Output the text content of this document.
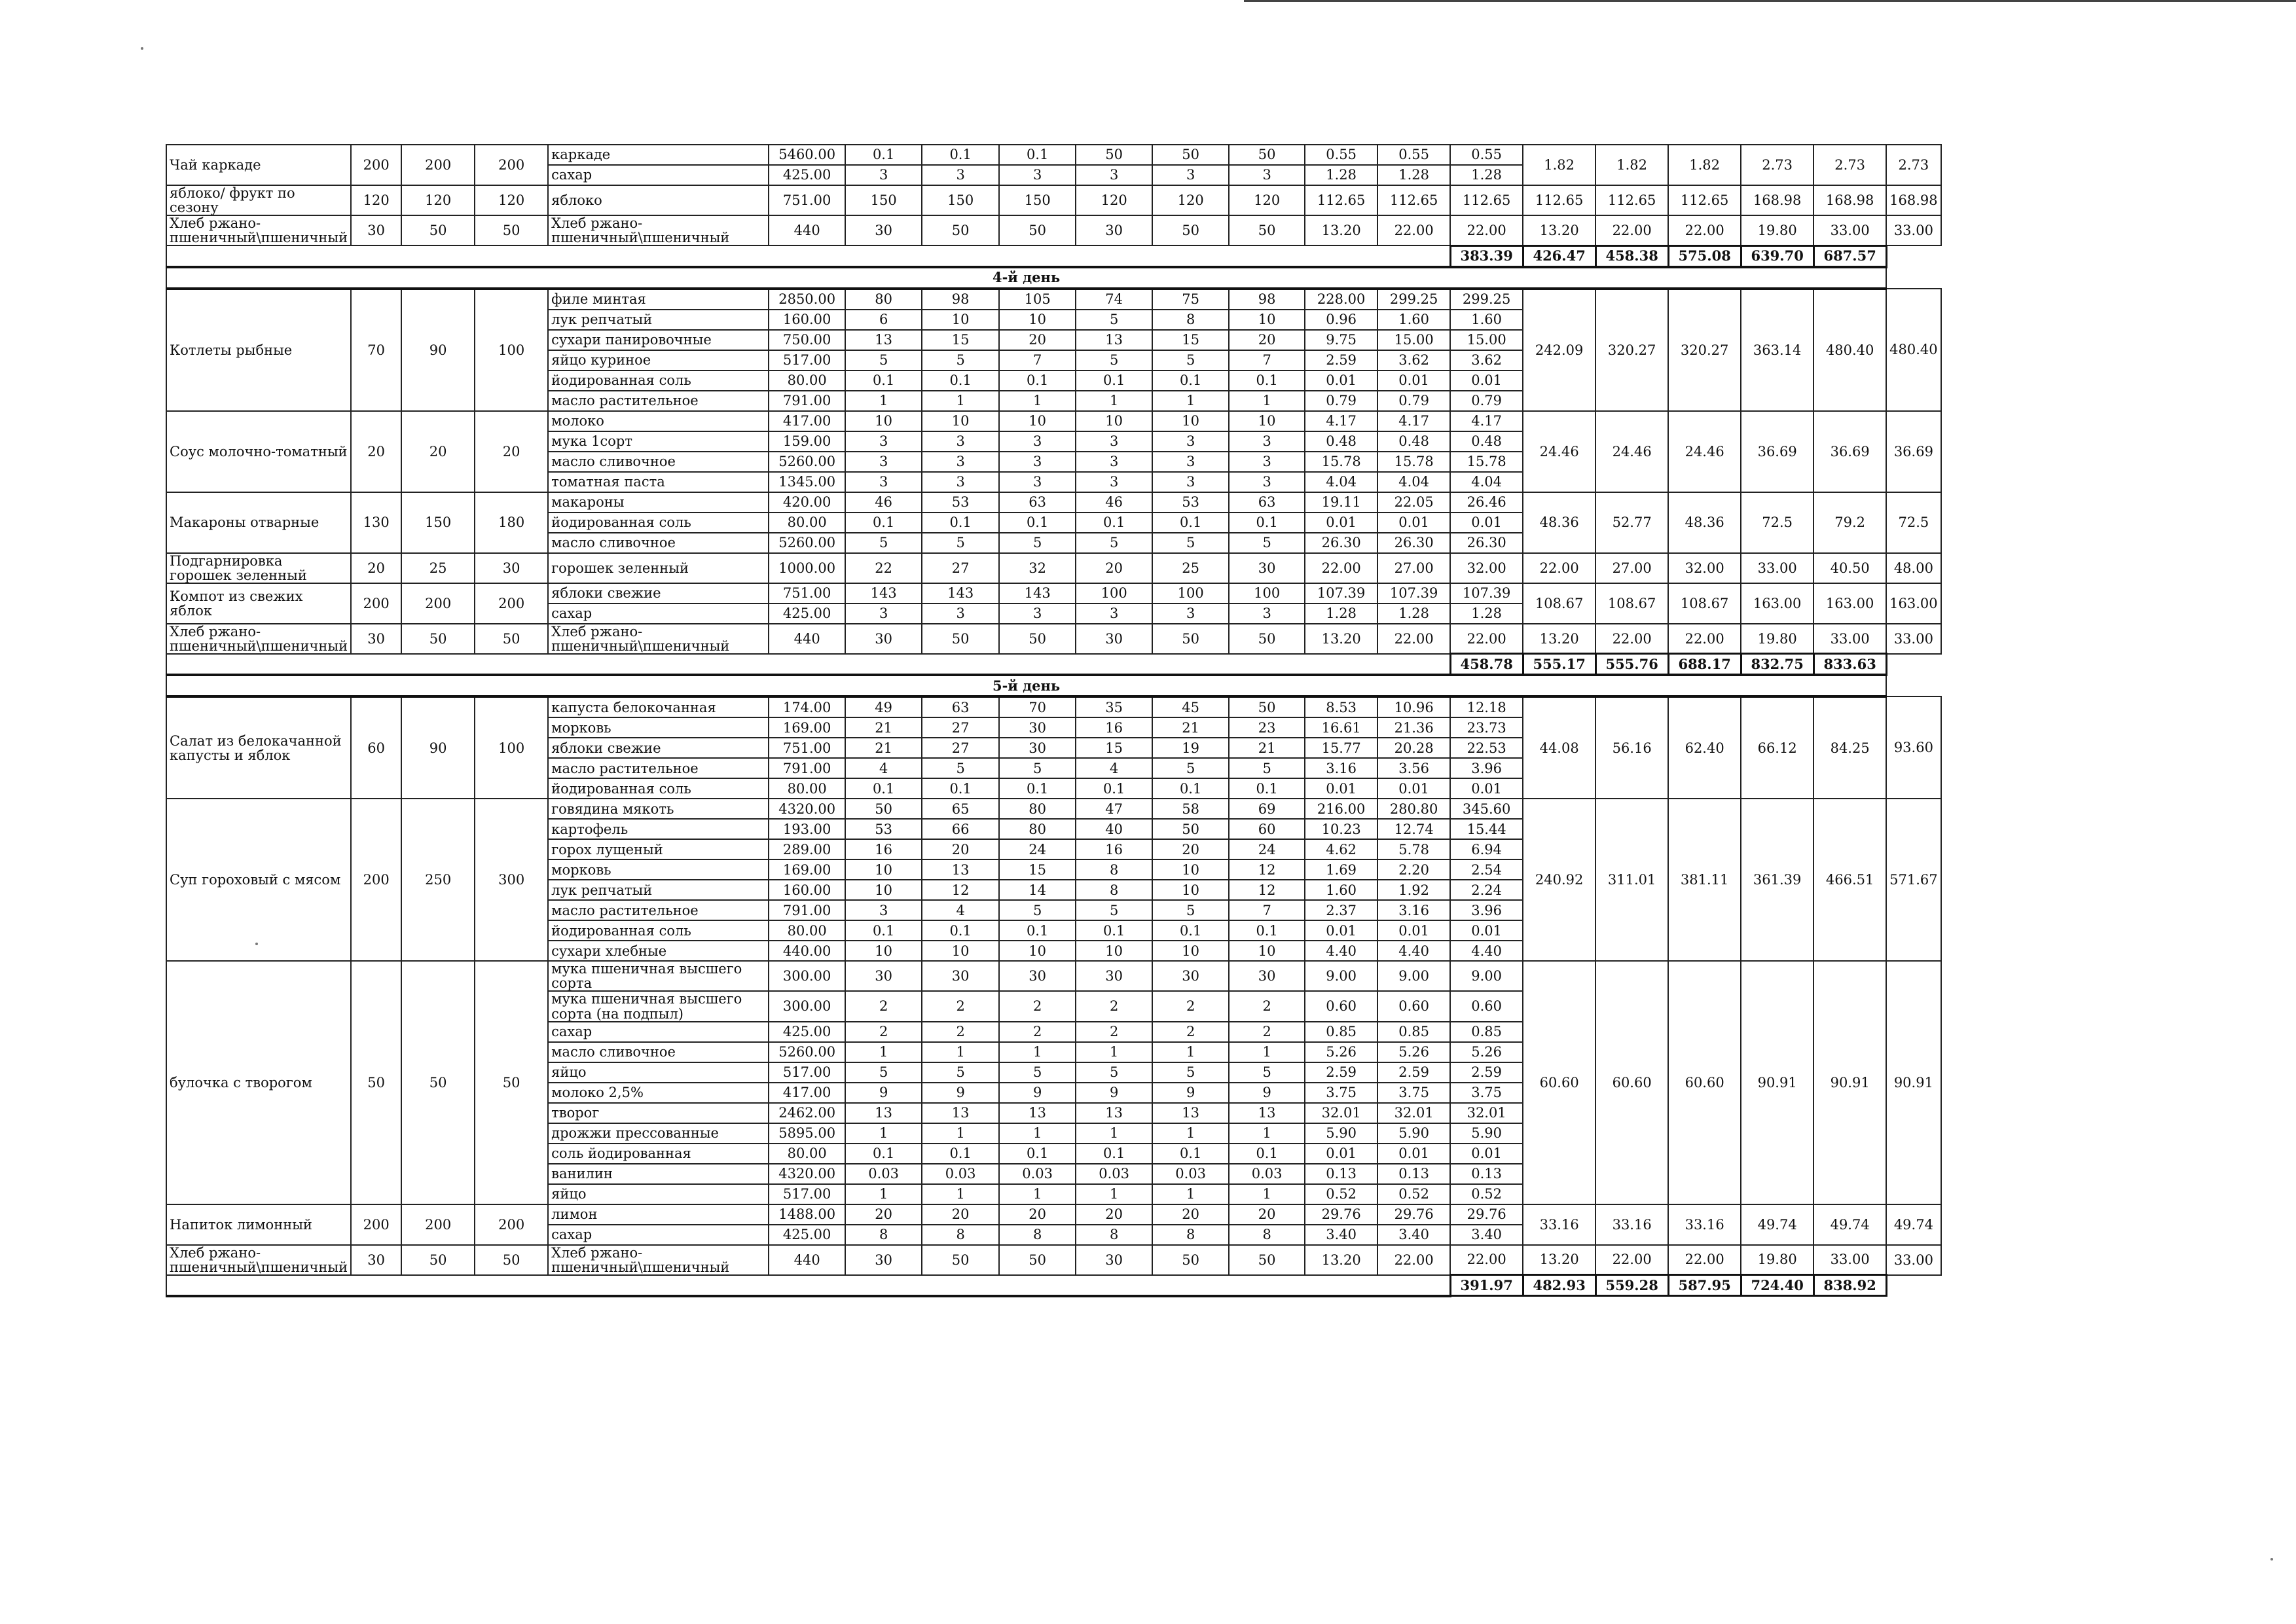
Чай каркаде	200	200	200	каркаде	5460.00	0.1	0.1	0.1	50	50	50	0.55	0.55	0.55	1.82	1.82	1.82	2.73	2.73	2.73
				сахар	425.00	3	3	3	3	3	3	1.28	1.28	1.28						
яблоко/ фрукт по сезону	120	120	120	яблоко	751.00	150	150	150	120	120	120	112.65	112.65	112.65	112.65	112.65	112.65	168.98	168.98	168.98
Хлеб ржано-пшеничный\пшеничный	30	50	50	Хлеб ржано-пшеничный\пшеничный	440	30	50	50	30	50	50	13.20	22.00	22.00	13.20	22.00	22.00	19.80	33.00	33.00
														383.39	426.47	458.38	575.08	639.70	687.57	
4-й день																				
Котлеты рыбные	70	90	100	филе минтая	2850.00	80	98	105	74	75	98	228.00	299.25	299.25	242.09	320.27	320.27	363.14	480.40	480.40
				лук репчатый	160.00	6	10	10	5	8	10	0.96	1.60	1.60						
				сухари панировочные	750.00	13	15	20	13	15	20	9.75	15.00	15.00						
				яйцо куриное	517.00	5	5	7	5	5	7	2.59	3.62	3.62						
				йодированная соль	80.00	0.1	0.1	0.1	0.1	0.1	0.1	0.01	0.01	0.01						
				масло растительное	791.00	1	1	1	1	1	1	0.79	0.79	0.79						
Соус молочно-томатный	20	20	20	молоко	417.00	10	10	10	10	10	10	4.17	4.17	4.17	24.46	24.46	24.46	36.69	36.69	36.69
				мука 1сорт	159.00	3	3	3	3	3	3	0.48	0.48	0.48						
				масло сливочное	5260.00	3	3	3	3	3	3	15.78	15.78	15.78						
				томатная паста	1345.00	3	3	3	3	3	3	4.04	4.04	4.04						
Макароны отварные	130	150	180	макароны	420.00	46	53	63	46	53	63	19.11	22.05	26.46	48.36	52.77	48.36	72.5	79.2	72.5
				йодированная соль	80.00	0.1	0.1	0.1	0.1	0.1	0.1	0.01	0.01	0.01						
				масло сливочное	5260.00	5	5	5	5	5	5	26.30	26.30	26.30						
Подгарнировка горошек зеленный	20	25	30	горошек зеленный	1000.00	22	27	32	20	25	30	22.00	27.00	32.00	22.00	27.00	32.00	33.00	40.50	48.00
Компот из свежих яблок	200	200	200	яблоки свежие	751.00	143	143	143	100	100	100	107.39	107.39	107.39	108.67	108.67	108.67	163.00	163.00	163.00
				сахар	425.00	3	3	3	3	3	3	1.28	1.28	1.28						
Хлеб ржано-пшеничный\пшеничный	30	50	50	Хлеб ржано-пшеничный\пшеничный	440	30	50	50	30	50	50	13.20	22.00	22.00	13.20	22.00	22.00	19.80	33.00	33.00
														458.78	555.17	555.76	688.17	832.75	833.63	
5-й день																				
Салат из белокачанной капусты и яблок	60	90	100	капуста белокочанная	174.00	49	63	70	35	45	50	8.53	10.96	12.18	44.08	56.16	62.40	66.12	84.25	93.60
				морковь	169.00	21	27	30	16	21	23	16.61	21.36	23.73						
				яблоки свежие	751.00	21	27	30	15	19	21	15.77	20.28	22.53						
				масло растительное	791.00	4	5	5	4	5	5	3.16	3.56	3.96						
				йодированная соль	80.00	0.1	0.1	0.1	0.1	0.1	0.1	0.01	0.01	0.01						
Суп гороховый с мясом	200	250	300	говядина мякоть	4320.00	50	65	80	47	58	69	216.00	280.80	345.60	240.92	311.01	381.11	361.39	466.51	571.67
				картофель	193.00	53	66	80	40	50	60	10.23	12.74	15.44						
				горох лущеный	289.00	16	20	24	16	20	24	4.62	5.78	6.94						
				морковь	169.00	10	13	15	8	10	12	1.69	2.20	2.54						
				лук репчатый	160.00	10	12	14	8	10	12	1.60	1.92	2.24						
				масло растительное	791.00	3	4	5	5	5	7	2.37	3.16	3.96						
				йодированная соль	80.00	0.1	0.1	0.1	0.1	0.1	0.1	0.01	0.01	0.01						
				сухари хлебные	440.00	10	10	10	10	10	10	4.40	4.40	4.40						
булочка с творогом	50	50	50	мука пшеничная высшего сорта	300.00	30	30	30	30	30	30	9.00	9.00	9.00	60.60	60.60	60.60	90.91	90.91	90.91
				мука пшеничная высшего сорта (на подпыл)	300.00	2	2	2	2	2	2	0.60	0.60	0.60						
				сахар	425.00	2	2	2	2	2	2	0.85	0.85	0.85						
				масло сливочное	5260.00	1	1	1	1	1	1	5.26	5.26	5.26						
				яйцо	517.00	5	5	5	5	5	5	2.59	2.59	2.59						
				молоко 2,5%	417.00	9	9	9	9	9	9	3.75	3.75	3.75						
				творог	2462.00	13	13	13	13	13	13	32.01	32.01	32.01						
				дрожжи прессованные	5895.00	1	1	1	1	1	1	5.90	5.90	5.90						
				соль йодированная	80.00	0.1	0.1	0.1	0.1	0.1	0.1	0.01	0.01	0.01						
				ванилин	4320.00	0.03	0.03	0.03	0.03	0.03	0.03	0.13	0.13	0.13						
				яйцо	517.00	1	1	1	1	1	1	0.52	0.52	0.52						
Напиток лимонный	200	200	200	лимон	1488.00	20	20	20	20	20	20	29.76	29.76	29.76	33.16	33.16	33.16	49.74	49.74	49.74
				сахар	425.00	8	8	8	8	8	8	3.40	3.40	3.40						
Хлеб ржано-пшеничный\пшеничный	30	50	50	Хлеб ржано-пшеничный\пшеничный	440	30	50	50	30	50	50	13.20	22.00	22.00	13.20	22.00	22.00	19.80	33.00	33.00
														391.97	482.93	559.28	587.95	724.40	838.92	
